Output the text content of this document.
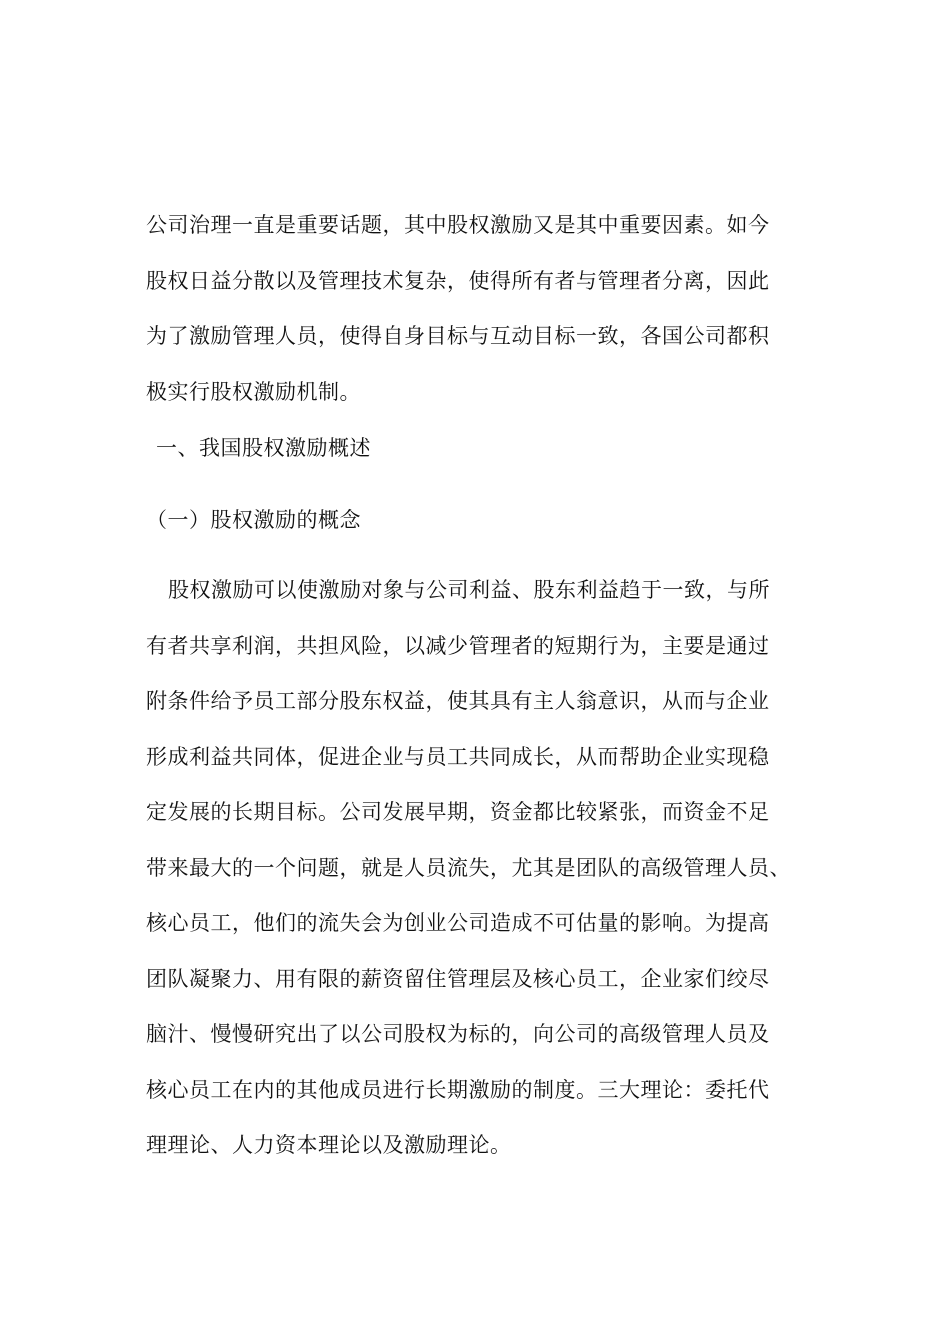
公司治理一直是重要话题，其中股权激励又是其中重要因素。如今
股权日益分散以及管理技术复杂，使得所有者与管理者分离，因此
为了激励管理人员，使得自身目标与互动目标一致，各国公司都积
极实行股权激励机制。
一、我国股权激励概述
（一）股权激励的概念
股权激励可以使激励对象与公司利益、股东利益趋于一致，与所
有者共享利润，共担风险，以减少管理者的短期行为，主要是通过
附条件给予员工部分股东权益，使其具有主人翁意识，从而与企业
形成利益共同体，促进企业与员工共同成长，从而帮助企业实现稳
定发展的长期目标。公司发展早期，资金都比较紧张，而资金不足
带来最大的一个问题，就是人员流失，尤其是团队的高级管理人员、
核心员工，他们的流失会为创业公司造成不可估量的影响。为提高
团队凝聚力、用有限的薪资留住管理层及核心员工，企业家们绞尽
脑汁、慢慢研究出了以公司股权为标的，向公司的高级管理人员及
核心员工在内的其他成员进行长期激励的制度。三大理论：委托代
理理论、人力资本理论以及激励理论。
